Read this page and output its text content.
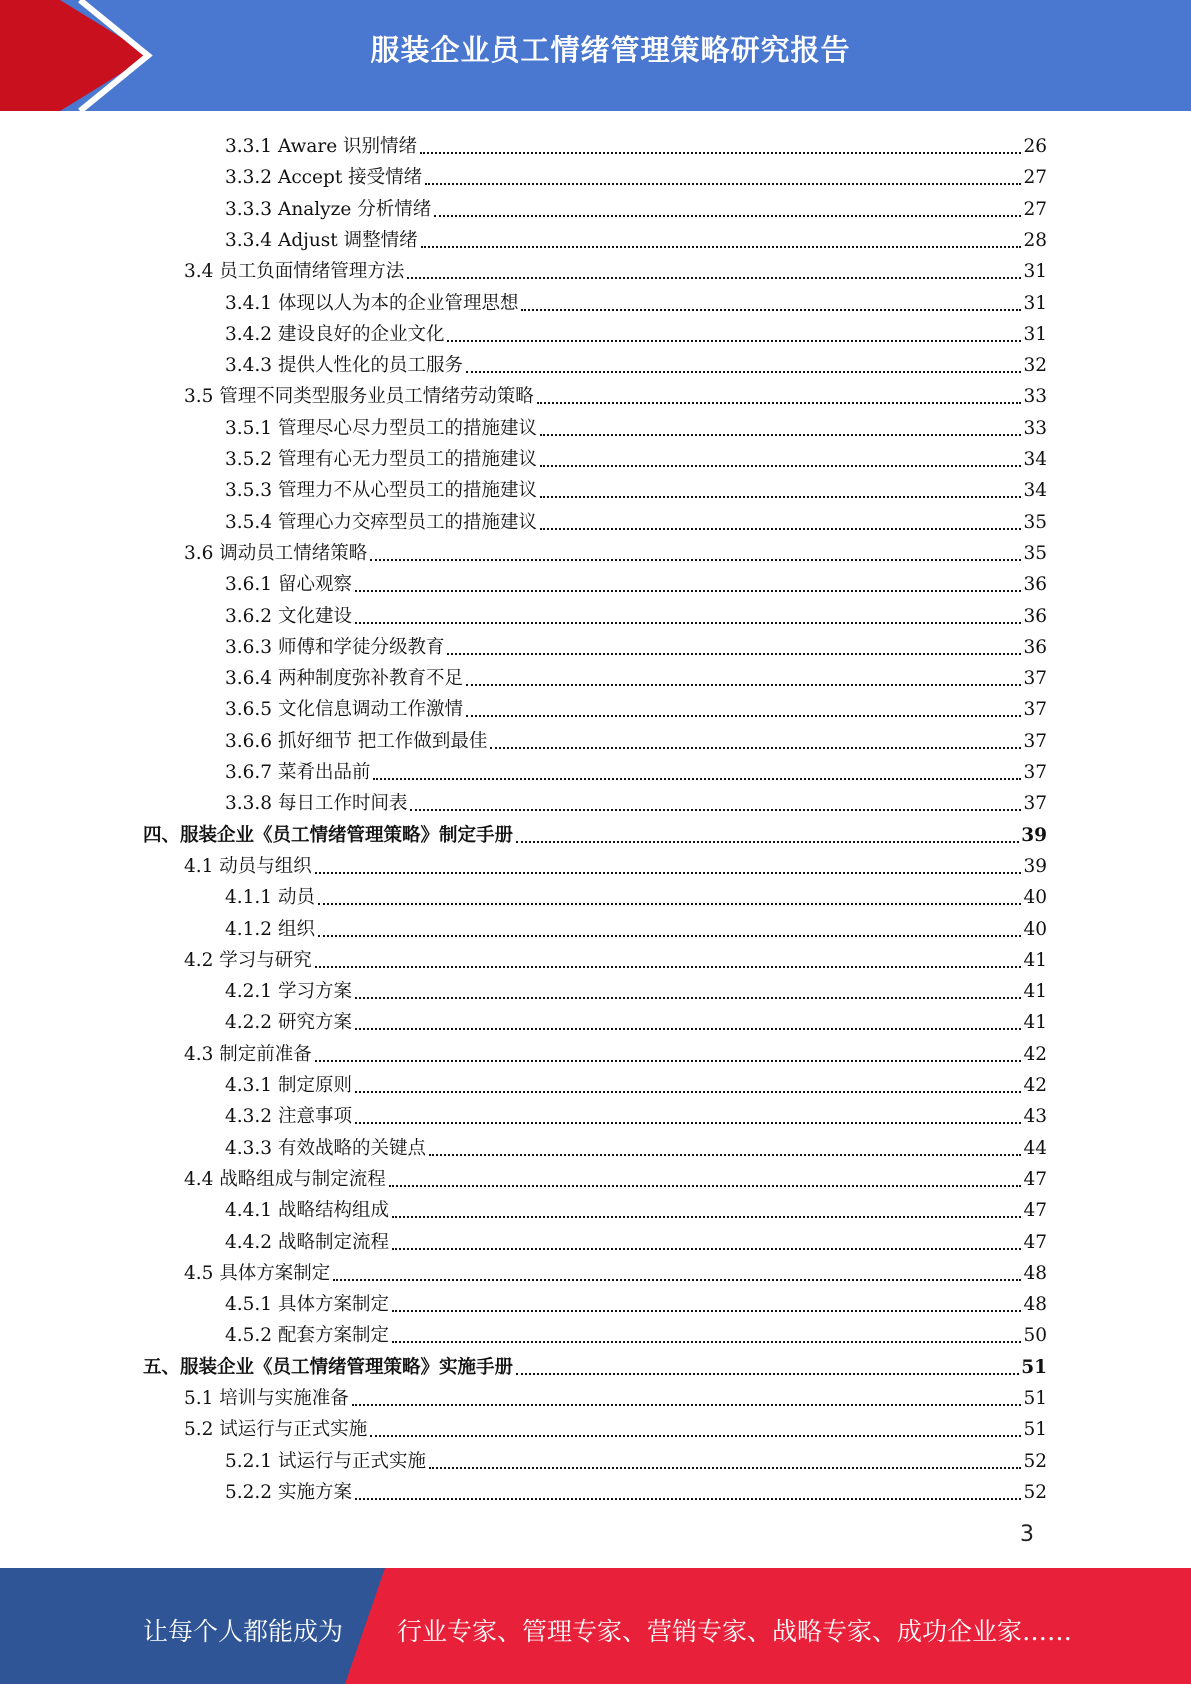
服装企业员工情绪管理策略研究报告
3.3.1 Aware 识别情绪	26
3.3.2 Accept 接受情绪	27
3.3.3 Analyze 分析情绪	27
3.3.4 Adjust 调整情绪	28
3.4 员工负面情绪管理方法	31
3.4.1 体现以人为本的企业管理思想	31
3.4.2 建设良好的企业文化	31
3.4.3 提供人性化的员工服务	32
3.5 管理不同类型服务业员工情绪劳动策略	33
3.5.1 管理尽心尽力型员工的措施建议	33
3.5.2 管理有心无力型员工的措施建议	34
3.5.3 管理力不从心型员工的措施建议	34
3.5.4 管理心力交瘁型员工的措施建议	35
3.6 调动员工情绪策略	35
3.6.1 留心观察	36
3.6.2 文化建设	36
3.6.3 师傅和学徒分级教育	36
3.6.4 两种制度弥补教育不足	37
3.6.5 文化信息调动工作激情	37
3.6.6 抓好细节 把工作做到最佳	37
3.6.7 菜肴出品前	37
3.3.8 每日工作时间表	37
四、服装企业《员工情绪管理策略》制定手册	39
4.1 动员与组织	39
4.1.1 动员	40
4.1.2 组织	40
4.2 学习与研究	41
4.2.1 学习方案	41
4.2.2 研究方案	41
4.3 制定前准备	42
4.3.1 制定原则	42
4.3.2 注意事项	43
4.3.3 有效战略的关键点	44
4.4 战略组成与制定流程	47
4.4.1 战略结构组成	47
4.4.2 战略制定流程	47
4.5 具体方案制定	48
4.5.1 具体方案制定	48
4.5.2 配套方案制定	50
五、服装企业《员工情绪管理策略》实施手册	51
5.1 培训与实施准备	51
5.2 试运行与正式实施	51
5.2.1 试运行与正式实施	52
5.2.2 实施方案	52
3
让每个人都能成为 行业专家、管理专家、营销专家、战略专家、成功企业家……
